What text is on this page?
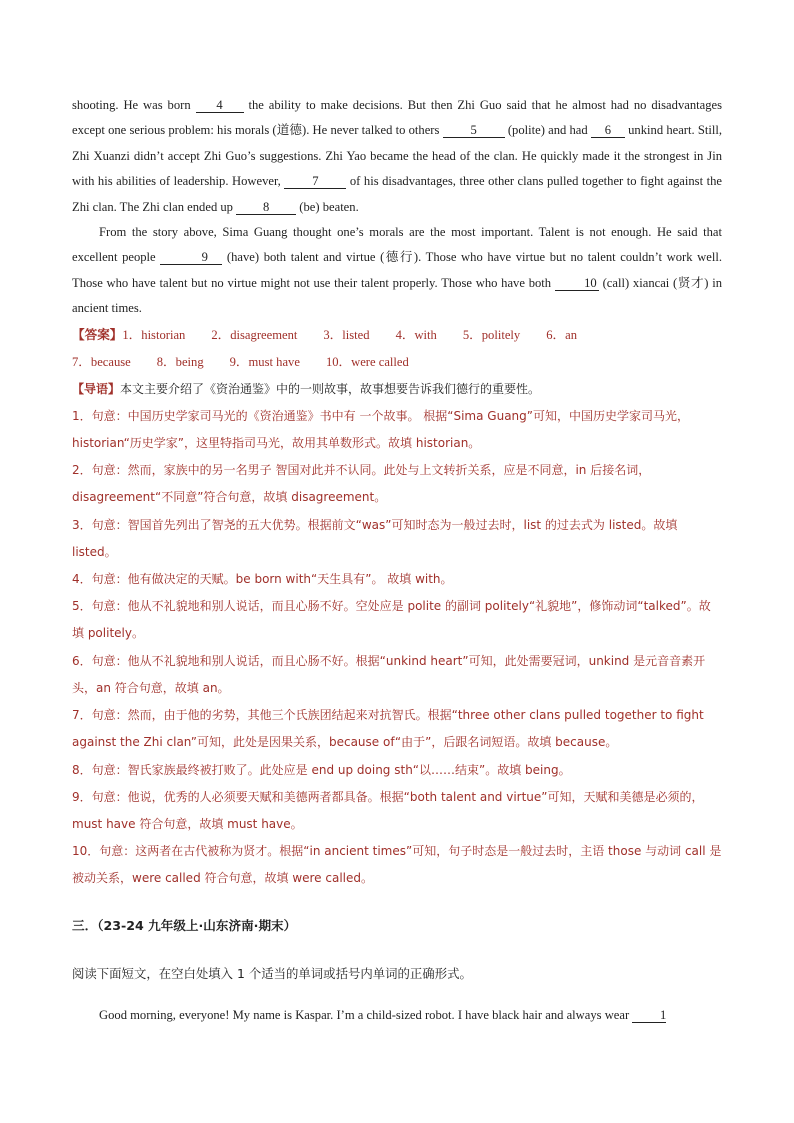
shooting. He was born 4 the ability to make decisions. But then Zhi Guo said that he almost had no disadvantages except one serious problem: his morals (道德). He never talked to others 5 (polite) and had 6 unkind heart. Still, Zhi Xuanzi didn’t accept Zhi Guo’s suggestions. Zhi Yao became the head of the clan. He quickly made it the strongest in Jin with his abilities of leadership. However, 7 of his disadvantages, three other clans pulled together to fight against the Zhi clan. The Zhi clan ended up 8 (be) beaten.

From the story above, Sima Guang thought one’s morals are the most important. Talent is not enough. He said that excellent people	9 (have) both talent and virtue (德行). Those who have virtue but no talent couldn’t work well. Those who have talent but no virtue might not use their talent properly. Those who have both 10 (call) xiancai (贤才) in ancient times.

【答案】1．historian 2．disagreement 3．listed 4．with 5．politely 6．an
7．because 8．being 9．must have 10．were called

【导语】本文主要介绍了《资治通鉴》中的一则故事，故事想要告诉我们德行的重要性。

1．句意：中国历史学家司马光的《资治通鉴》书中有 一个故事。 根据“Sima Guang”可知，中国历史学家司马光， historian“历史学家”，这里特指司马光，故用其单数形式。故填 historian。

2．句意：然而，家族中的另一名男子 智国对此并不认同。此处与上文转折关系，应是不同意，in 后接名词，disagreement“不同意”符合句意，故填 disagreement。

3．句意：智国首先列出了智尧的五大优势。根据前文“was”可知时态为一般过去时，list 的过去式为 listed。故填 listed。

4．句意：他有做决定的天赋。be born with“天生具有”。 故填 with。

5．句意：他从不礼貌地和别人说话，而且心肠不好。空处应是 polite 的副词 politely“礼貌地”，修饰动词“talked”。故填 politely。

6．句意：他从不礼貌地和别人说话，而且心肠不好。根据“unkind heart”可知，此处需要冠词，unkind 是元音音素开头，an 符合句意，故填 an。

7．句意：然而，由于他的劣势，其他三个氏族团结起来对抗智氏。根据“three other clans pulled together to fight against the Zhi clan”可知，此处是因果关系，because of“由于”，后跟名词短语。故填 because。

8．句意：智氏家族最终被打败了。此处应是 end up doing sth“以……结束”。故填 being。

9．句意：他说，优秀的人必须要天赋和美德两者都具备。根据“both talent and virtue”可知，天赋和美德是必须的，must have 符合句意，故填 must have。

10．句意：这两者在古代被称为贤才。根据“in ancient times”可知，句子时态是一般过去时，主语 those 与动词 call 是被动关系，were called 符合句意，故填 were called。

三．（23-24 九年级上·山东济南·期末）
阅读下面短文，在空白处填入 1 个适当的单词或括号内单词的正确形式。

Good morning, everyone! My name is Kaspar. I’m a child-sized robot. I have black hair and always wear 1
